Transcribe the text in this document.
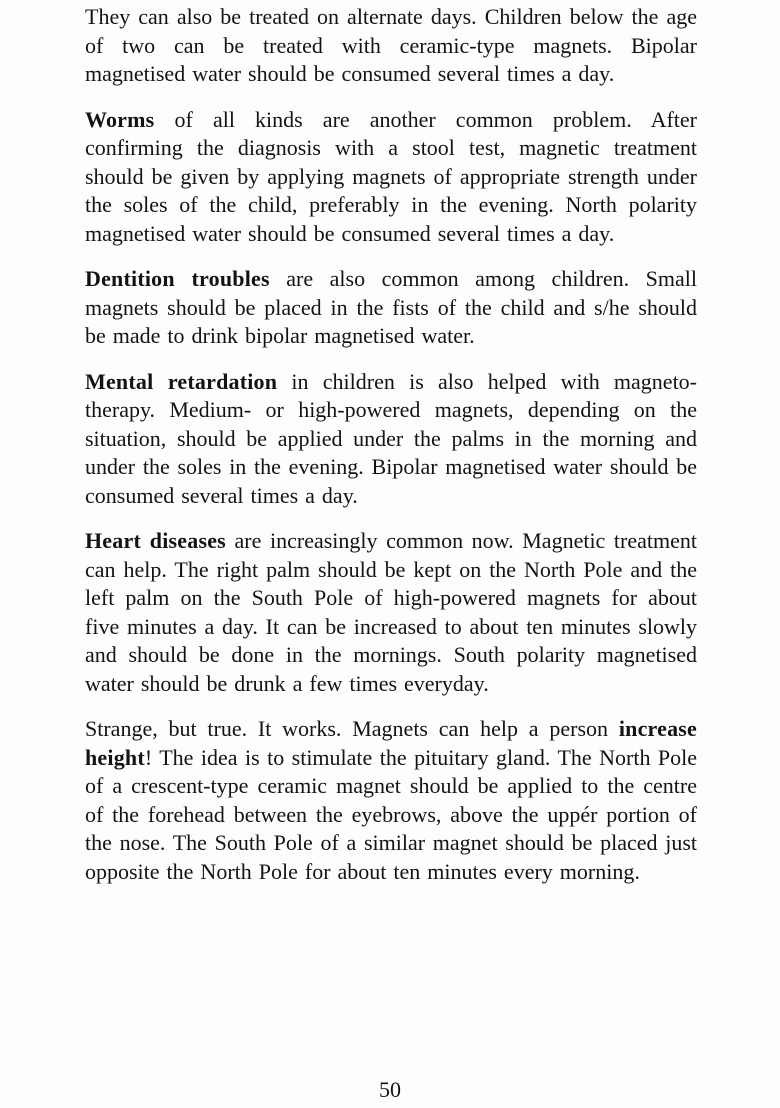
They can also be treated on alternate days. Children below the age of two can be treated with ceramic-type magnets. Bipolar magnetised water should be consumed several times a day.

Worms of all kinds are another common problem. After confirming the diagnosis with a stool test, magnetic treatment should be given by applying magnets of appropriate strength under the soles of the child, preferably in the evening. North polarity magnetised water should be consumed several times a day.

Dentition troubles are also common among children. Small magnets should be placed in the fists of the child and s/he should be made to drink bipolar magnetised water.

Mental retardation in children is also helped with magneto-therapy. Medium- or high-powered magnets, depending on the situation, should be applied under the palms in the morning and under the soles in the evening. Bipolar magnetised water should be consumed several times a day.

Heart diseases are increasingly common now. Magnetic treatment can help. The right palm should be kept on the North Pole and the left palm on the South Pole of high-powered magnets for about five minutes a day. It can be increased to about ten minutes slowly and should be done in the mornings. South polarity magnetised water should be drunk a few times everyday.

Strange, but true. It works. Magnets can help a person increase height! The idea is to stimulate the pituitary gland. The North Pole of a crescent-type ceramic magnet should be applied to the centre of the forehead between the eyebrows, above the uppér portion of the nose. The South Pole of a similar magnet should be placed just opposite the North Pole for about ten minutes every morning.

50
